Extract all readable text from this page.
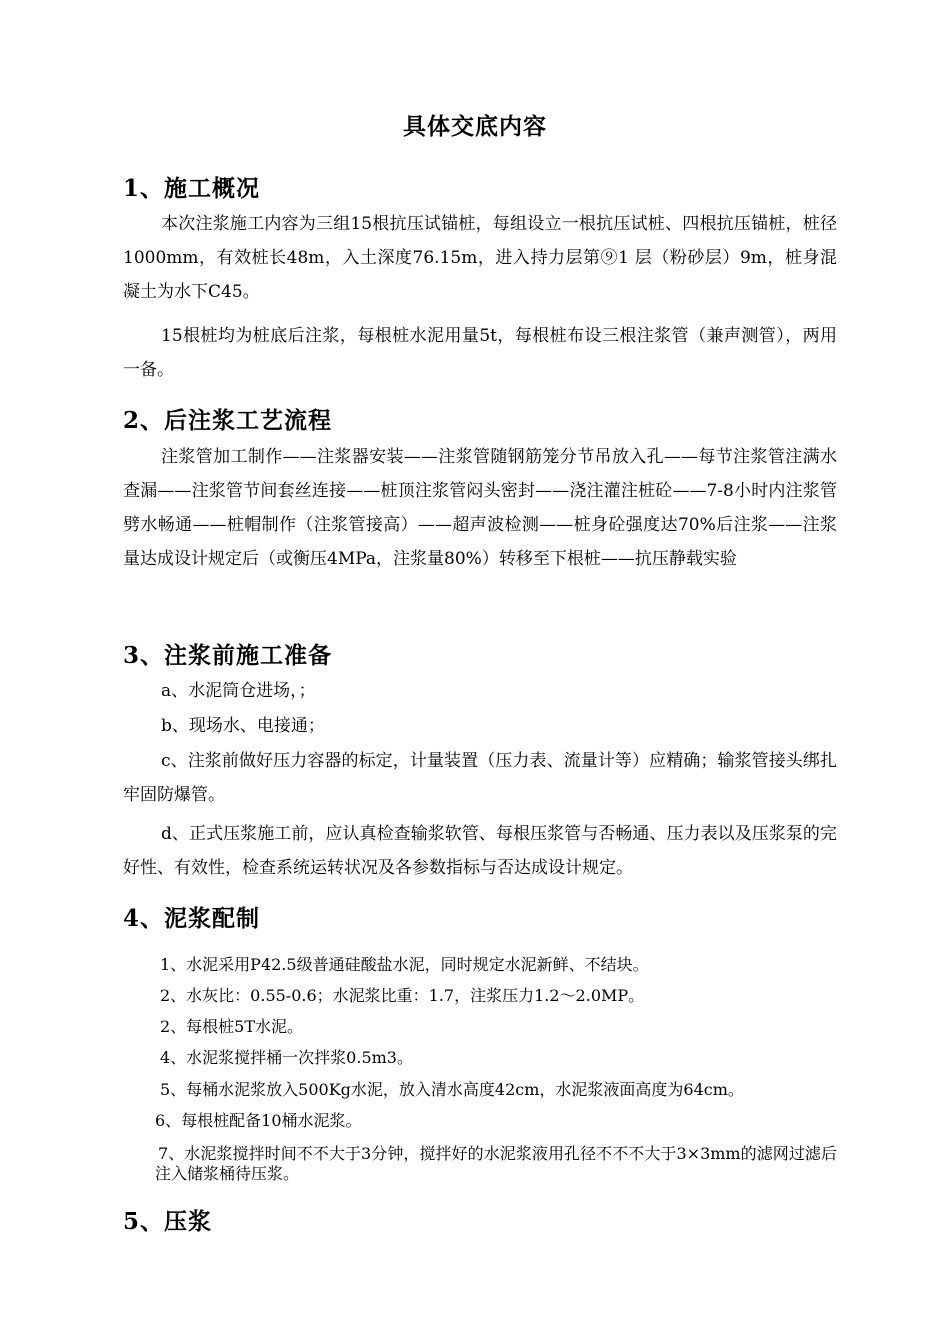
具体交底内容
1、施工概况

本次注浆施工内容为三组15根抗压试锚桩，每组设立一根抗压试桩、四根抗压锚桩，桩径1000mm，有效桩长48m，入土深度76.15m，进入持力层第⑨1 层（粉砂层）9m，桩身混凝土为水下C45。

15根桩均为桩底后注浆，每根桩水泥用量5t，每根桩布设三根注浆管（兼声测管），两用一备。

2、后注浆工艺流程

注浆管加工制作——注浆器安装——注浆管随钢筋笼分节吊放入孔——每节注浆管注满水查漏——注浆管节间套丝连接——桩顶注浆管闷头密封——浇注灌注桩砼——7-8小时内注浆管劈水畅通——桩帽制作（注浆管接高）——超声波检测——桩身砼强度达70%后注浆——注浆量达成设计规定后（或衡压4MPa，注浆量80%）转移至下根桩——抗压静载实验

3、注浆前施工准备

a、水泥筒仓进场，；

b、现场水、电接通；

c、注浆前做好压力容器的标定，计量装置（压力表、流量计等）应精确；输浆管接头绑扎牢固防爆管。

d、正式压浆施工前，应认真检查输浆软管、每根压浆管与否畅通、压力表以及压浆泵的完好性、有效性，检查系统运转状况及各参数指标与否达成设计规定。

4、泥浆配制

1、水泥采用P42.5级普通硅酸盐水泥，同时规定水泥新鲜、不结块。

2、水灰比：0.55-0.6；水泥浆比重：1.7，注浆压力1.2～2.0MP。

2、每根桩5T水泥。

4、水泥浆搅拌桶一次拌浆0.5m3。

5、每桶水泥浆放入500Kg水泥，放入清水高度42cm，水泥浆液面高度为64cm。

6、每根桩配备10桶水泥浆。

7、水泥浆搅拌时间不不大于3分钟，搅拌好的水泥浆液用孔径不不不大于3×3mm的滤网过滤后注入储浆桶待压浆。

5、压浆
